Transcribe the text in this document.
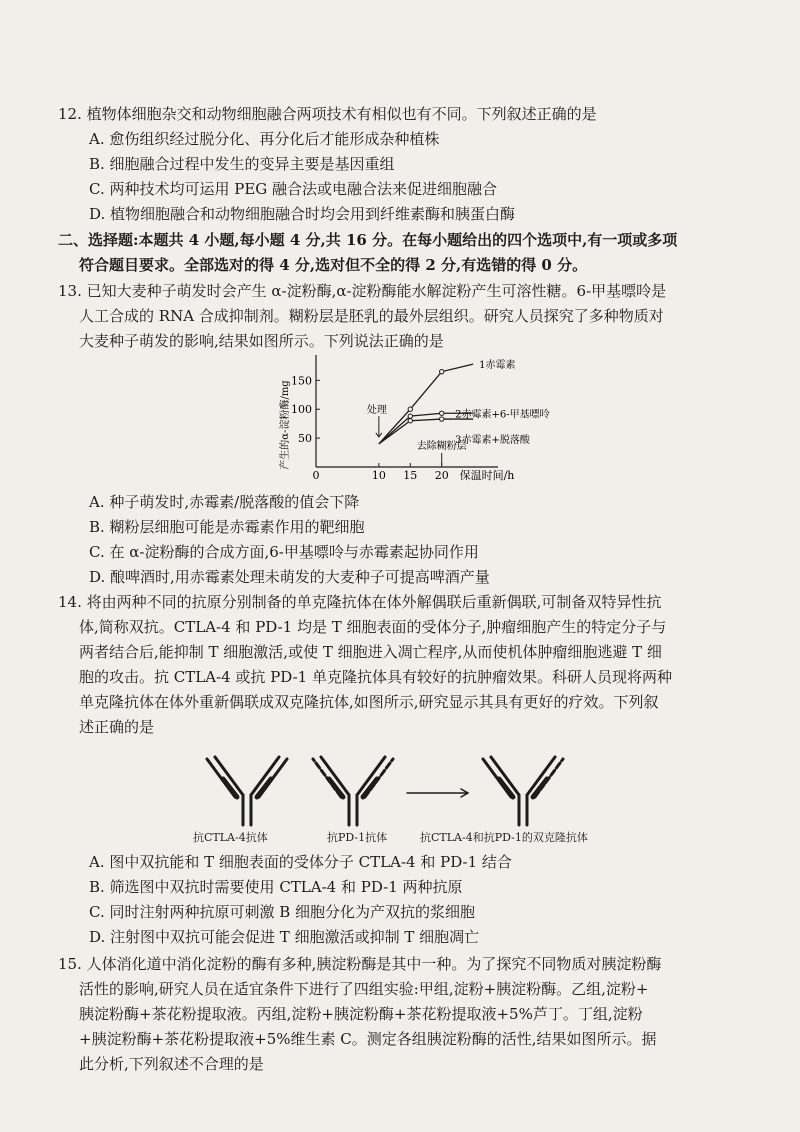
12. 植物体细胞杂交和动物细胞融合两项技术有相似也有不同。下列叙述正确的是
A. 愈伤组织经过脱分化、再分化后才能形成杂种植株
B. 细胞融合过程中发生的变异主要是基因重组
C. 两种技术均可运用 PEG 融合法或电融合法来促进细胞融合
D. 植物细胞融合和动物细胞融合时均会用到纤维素酶和胰蛋白酶
二、选择题:本题共 4 小题,每小题 4 分,共 16 分。在每小题给出的四个选项中,有一项或多项
符合题目要求。全部选对的得 4 分,选对但不全的得 2 分,有选错的得 0 分。
13. 已知大麦种子萌发时会产生 α-淀粉酶,α-淀粉酶能水解淀粉产生可溶性糖。6-甲基嘌呤是
人工合成的 RNA 合成抑制剂。糊粉层是胚乳的最外层组织。研究人员探究了多种物质对
大麦种子萌发的影响,结果如图所示。下列说法正确的是
产生的α-淀粉酶/mg
0	保温时间/h
10 15 20
50
100
150
1赤霉素
2赤霉素+6-甲基嘌呤
3赤霉素+脱落酸
处理
去除糊粉层
A. 种子萌发时,赤霉素/脱落酸的值会下降
B. 糊粉层细胞可能是赤霉素作用的靶细胞
C. 在 α-淀粉酶的合成方面,6-甲基嘌呤与赤霉素起协同作用
D. 酿啤酒时,用赤霉素处理未萌发的大麦种子可提高啤酒产量
14. 将由两种不同的抗原分别制备的单克隆抗体在体外解偶联后重新偶联,可制备双特异性抗
体,简称双抗。CTLA-4 和 PD-1 均是 T 细胞表面的受体分子,肿瘤细胞产生的特定分子与
两者结合后,能抑制 T 细胞激活,或使 T 细胞进入凋亡程序,从而使机体肿瘤细胞逃避 T 细
胞的攻击。抗 CTLA-4 或抗 PD-1 单克隆抗体具有较好的抗肿瘤效果。科研人员现将两种
单克隆抗体在体外重新偶联成双克隆抗体,如图所示,研究显示其具有更好的疗效。下列叙
述正确的是
抗CTLA-4抗体	抗PD-1抗体	抗CTLA-4和抗PD-1的双克隆抗体
A. 图中双抗能和 T 细胞表面的受体分子 CTLA-4 和 PD-1 结合
B. 筛选图中双抗时需要使用 CTLA-4 和 PD-1 两种抗原
C. 同时注射两种抗原可刺激 B 细胞分化为产双抗的浆细胞
D. 注射图中双抗可能会促进 T 细胞激活或抑制 T 细胞凋亡
15. 人体消化道中消化淀粉的酶有多种,胰淀粉酶是其中一种。为了探究不同物质对胰淀粉酶
活性的影响,研究人员在适宜条件下进行了四组实验:甲组,淀粉+胰淀粉酶。乙组,淀粉+
胰淀粉酶+茶花粉提取液。丙组,淀粉+胰淀粉酶+茶花粉提取液+5%芦丁。丁组,淀粉
+胰淀粉酶+茶花粉提取液+5%维生素 C。测定各组胰淀粉酶的活性,结果如图所示。据
此分析,下列叙述不合理的是
